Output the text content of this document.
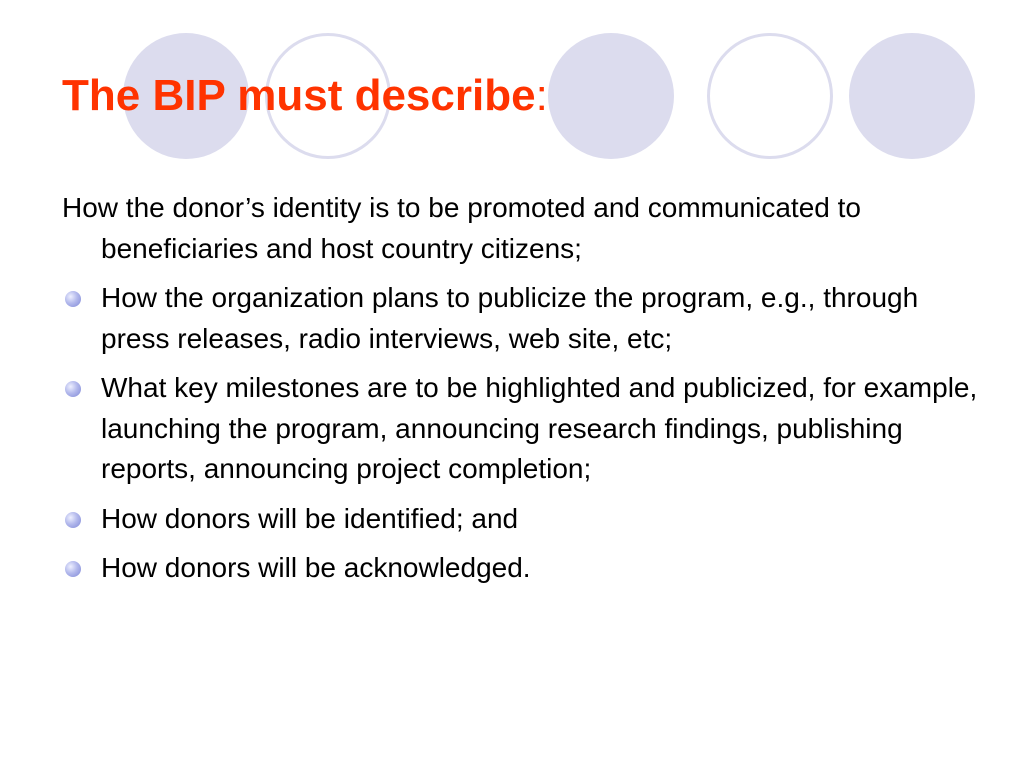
The BIP must describe:
How the donor’s identity is to be promoted and communicated to beneficiaries and host country citizens;
How the organization plans to publicize the program, e.g., through press releases, radio interviews, web site, etc;
What key milestones are to be highlighted and publicized, for example, launching the program, announcing research findings, publishing reports, announcing project completion;
How donors will be identified; and
How donors will be acknowledged.
